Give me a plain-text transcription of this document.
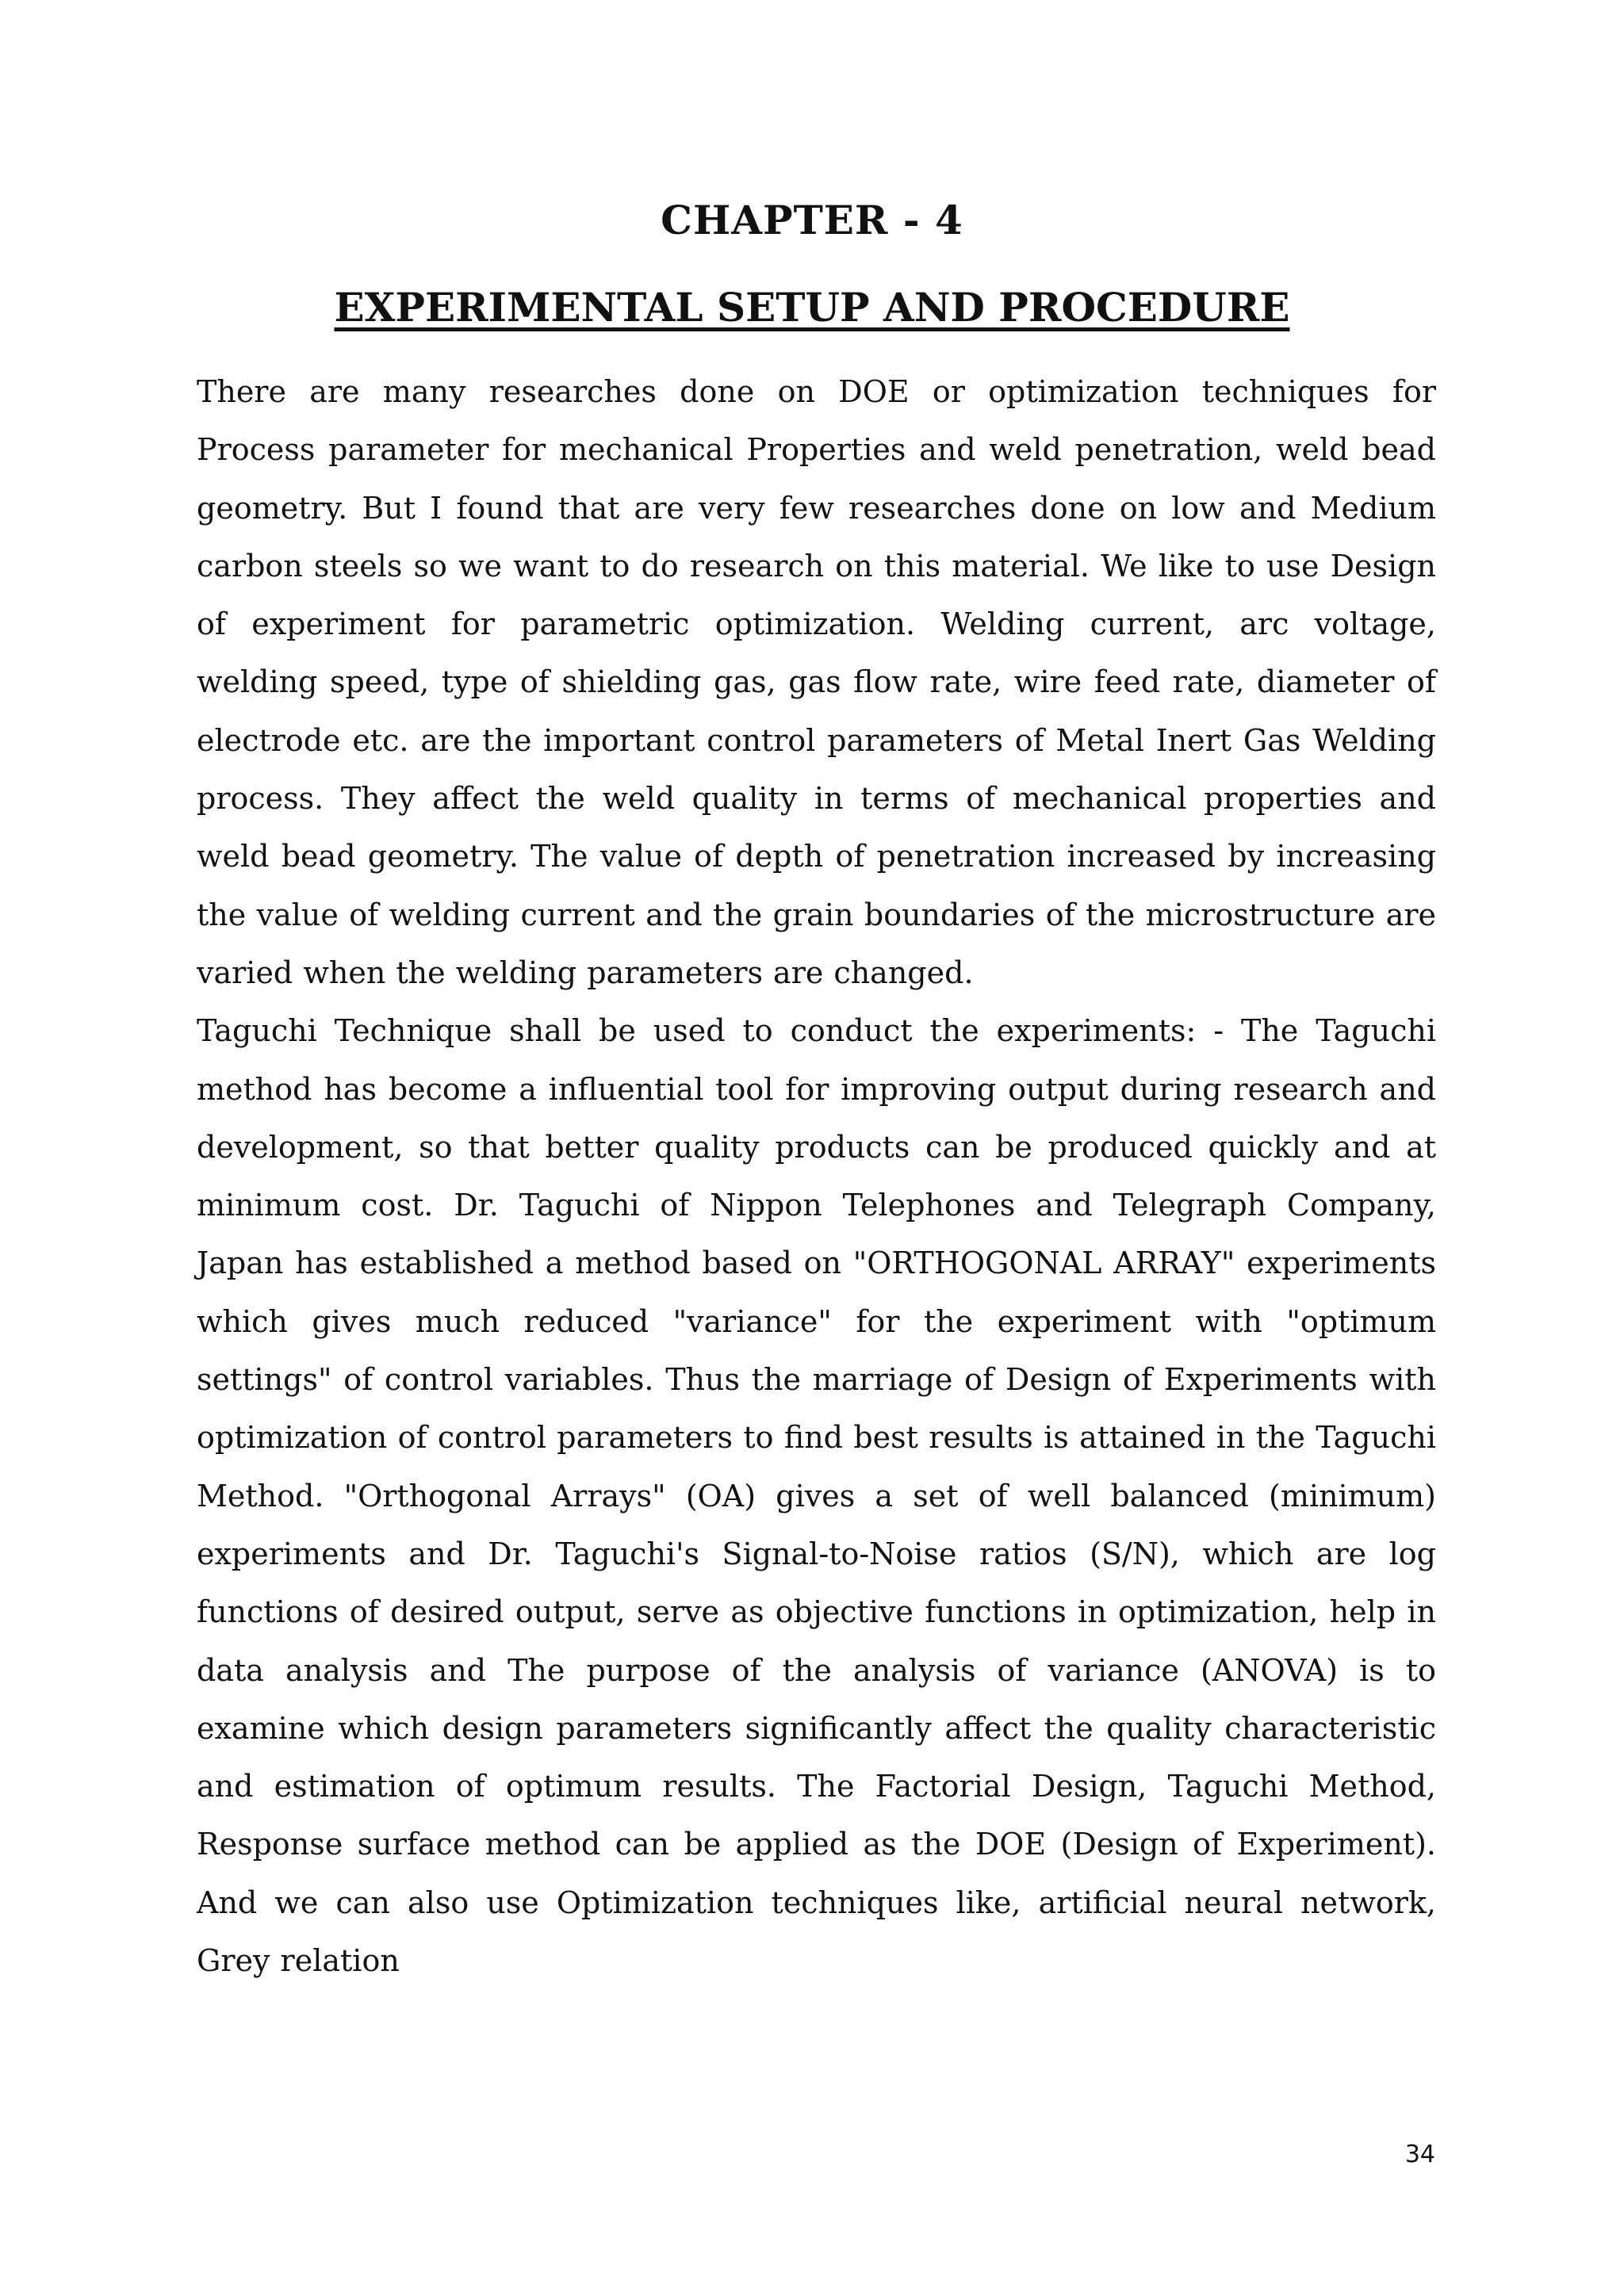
CHAPTER - 4
EXPERIMENTAL SETUP AND PROCEDURE

There are many researches done on DOE or optimization techniques for Process parameter for mechanical Properties and weld penetration, weld bead geometry. But I found that are very few researches done on low and Medium carbon steels so we want to do research on this material. We like to use Design of experiment for parametric optimization. Welding current, arc voltage, welding speed, type of shielding gas, gas flow rate, wire feed rate, diameter of electrode etc. are the important control parameters of Metal Inert Gas Welding process. They affect the weld quality in terms of mechanical properties and weld bead geometry. The value of depth of penetration increased by increasing the value of welding current and the grain boundaries of the microstructure are varied when the welding parameters are changed.

Taguchi Technique shall be used to conduct the experiments: - The Taguchi method has become a influential tool for improving output during research and development, so that better quality products can be produced quickly and at minimum cost. Dr. Taguchi of Nippon Telephones and Telegraph Company, Japan has established a method based on "ORTHOGONAL ARRAY" experiments which gives much reduced "variance" for the experiment with "optimum settings" of control variables. Thus the marriage of Design of Experiments with optimization of control parameters to find best results is attained in the Taguchi Method. "Orthogonal Arrays" (OA) gives a set of well balanced (minimum) experiments and Dr. Taguchi's Signal-to-Noise ratios (S/N), which are log functions of desired output, serve as objective functions in optimization, help in data analysis and The purpose of the analysis of variance (ANOVA) is to examine which design parameters significantly affect the quality characteristic and estimation of optimum results. The Factorial Design, Taguchi Method, Response surface method can be applied as the DOE (Design of Experiment). And we can also use Optimization techniques like, artificial neural network, Grey relation

34
